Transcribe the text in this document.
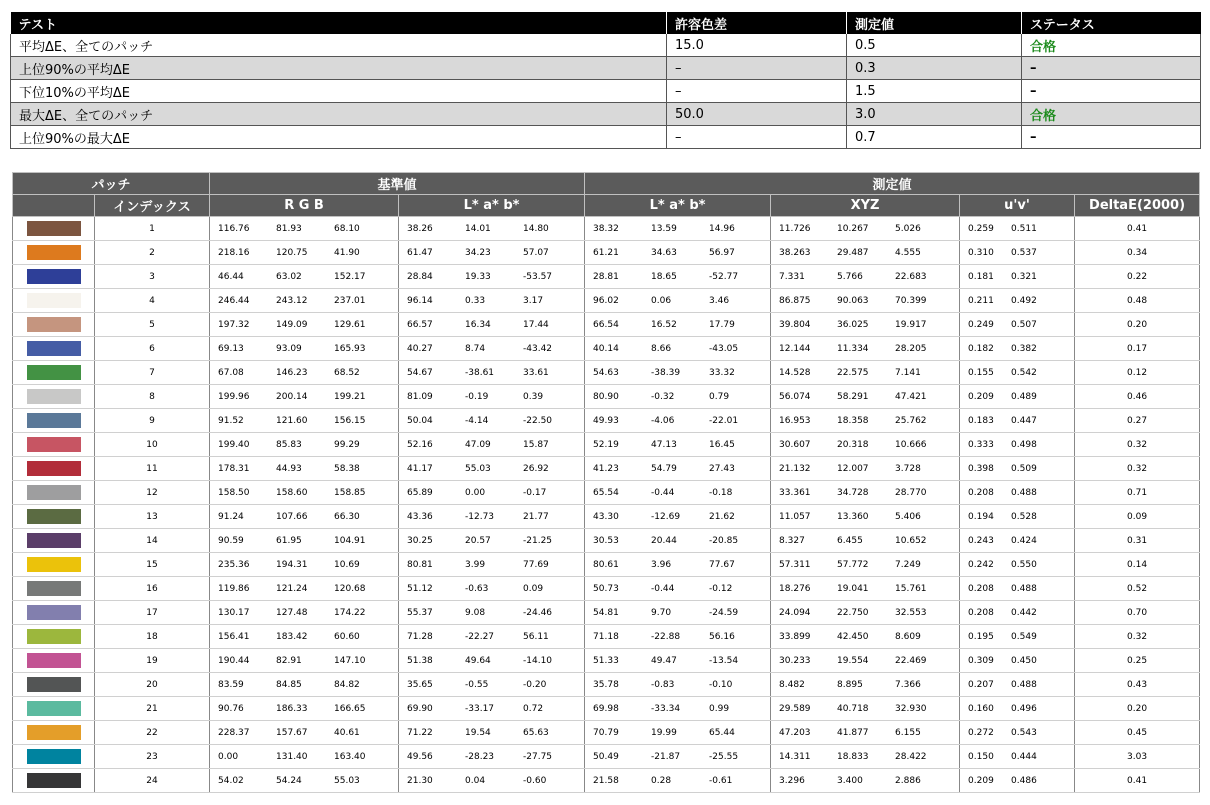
テスト	許容色差	測定値	ステータス
平均ΔE、全てのパッチ	15.0	0.5	合格
上位90%の平均ΔE	–	0.3	–
下位10%の平均ΔE	–	1.5	–
最大ΔE、全てのパッチ	50.0	3.0	合格
上位90%の最大ΔE	–	0.7	–
パッチ		基準値		測定値			
	インデックス	R G B	L* a* b*	L* a* b*	XYZ	u'v'	DeltaE(2000)
	1	116.76 81.93 68.10	38.26 14.01 14.80	38.32 13.59 14.96	11.726 10.267 5.026	0.259 0.511	0.41
	2	218.16 120.75 41.90	61.47 34.23 57.07	61.21 34.63 56.97	38.263 29.487 4.555	0.310 0.537	0.34
	3	46.44 63.02 152.17	28.84 19.33 -53.57	28.81 18.65 -52.77	7.331 5.766 22.683	0.181 0.321	0.22
	4	246.44 243.12 237.01	96.14 0.33 3.17	96.02 0.06 3.46	86.875 90.063 70.399	0.211 0.492	0.48
	5	197.32 149.09 129.61	66.57 16.34 17.44	66.54 16.52 17.79	39.804 36.025 19.917	0.249 0.507	0.20
	6	69.13 93.09 165.93	40.27 8.74 -43.42	40.14 8.66 -43.05	12.144 11.334 28.205	0.182 0.382	0.17
	7	67.08 146.23 68.52	54.67 -38.61 33.61	54.63 -38.39 33.32	14.528 22.575 7.141	0.155 0.542	0.12
	8	199.96 200.14 199.21	81.09 -0.19 0.39	80.90 -0.32 0.79	56.074 58.291 47.421	0.209 0.489	0.46
	9	91.52 121.60 156.15	50.04 -4.14 -22.50	49.93 -4.06 -22.01	16.953 18.358 25.762	0.183 0.447	0.27
	10	199.40 85.83 99.29	52.16 47.09 15.87	52.19 47.13 16.45	30.607 20.318 10.666	0.333 0.498	0.32
	11	178.31 44.93 58.38	41.17 55.03 26.92	41.23 54.79 27.43	21.132 12.007 3.728	0.398 0.509	0.32
	12	158.50 158.60 158.85	65.89 0.00 -0.17	65.54 -0.44 -0.18	33.361 34.728 28.770	0.208 0.488	0.71
	13	91.24 107.66 66.30	43.36 -12.73 21.77	43.30 -12.69 21.62	11.057 13.360 5.406	0.194 0.528	0.09
	14	90.59 61.95 104.91	30.25 20.57 -21.25	30.53 20.44 -20.85	8.327 6.455 10.652	0.243 0.424	0.31
	15	235.36 194.31 10.69	80.81 3.99 77.69	80.61 3.96 77.67	57.311 57.772 7.249	0.242 0.550	0.14
	16	119.86 121.24 120.68	51.12 -0.63 0.09	50.73 -0.44 -0.12	18.276 19.041 15.761	0.208 0.488	0.52
	17	130.17 127.48 174.22	55.37 9.08 -24.46	54.81 9.70 -24.59	24.094 22.750 32.553	0.208 0.442	0.70
	18	156.41 183.42 60.60	71.28 -22.27 56.11	71.18 -22.88 56.16	33.899 42.450 8.609	0.195 0.549	0.32
	19	190.44 82.91 147.10	51.38 49.64 -14.10	51.33 49.47 -13.54	30.233 19.554 22.469	0.309 0.450	0.25
	20	83.59 84.85 84.82	35.65 -0.55 -0.20	35.78 -0.83 -0.10	8.482 8.895 7.366	0.207 0.488	0.43
	21	90.76 186.33 166.65	69.90 -33.17 0.72	69.98 -33.34 0.99	29.589 40.718 32.930	0.160 0.496	0.20
	22	228.37 157.67 40.61	71.22 19.54 65.63	70.79 19.99 65.44	47.203 41.877 6.155	0.272 0.543	0.45
	23	0.00 131.40 163.40	49.56 -28.23 -27.75	50.49 -21.87 -25.55	14.311 18.833 28.422	0.150 0.444	3.03
	24	54.02 54.24 55.03	21.30 0.04 -0.60	21.58 0.28 -0.61	3.296 3.400 2.886	0.209 0.486	0.41
